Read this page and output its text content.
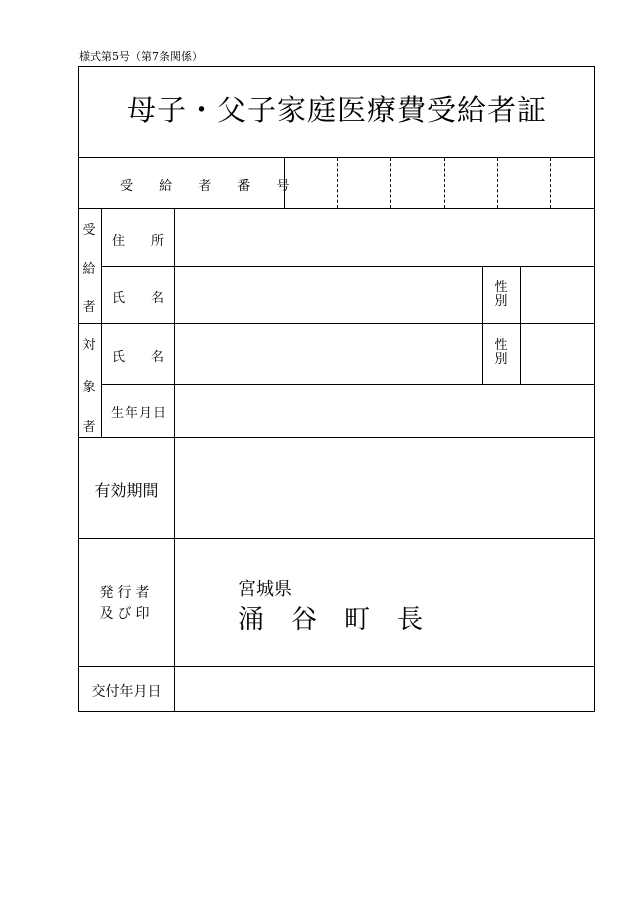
様式第5号（第7条関係）
母子・父子家庭医療費受給者証
受 給 者 番 号
受
給
者
住　　所
氏　　名
性
別
対
象
者
氏　　名
性
別
生年月日
有効期間
発行者
及び印
宮城県
涌谷町長
交付年月日
